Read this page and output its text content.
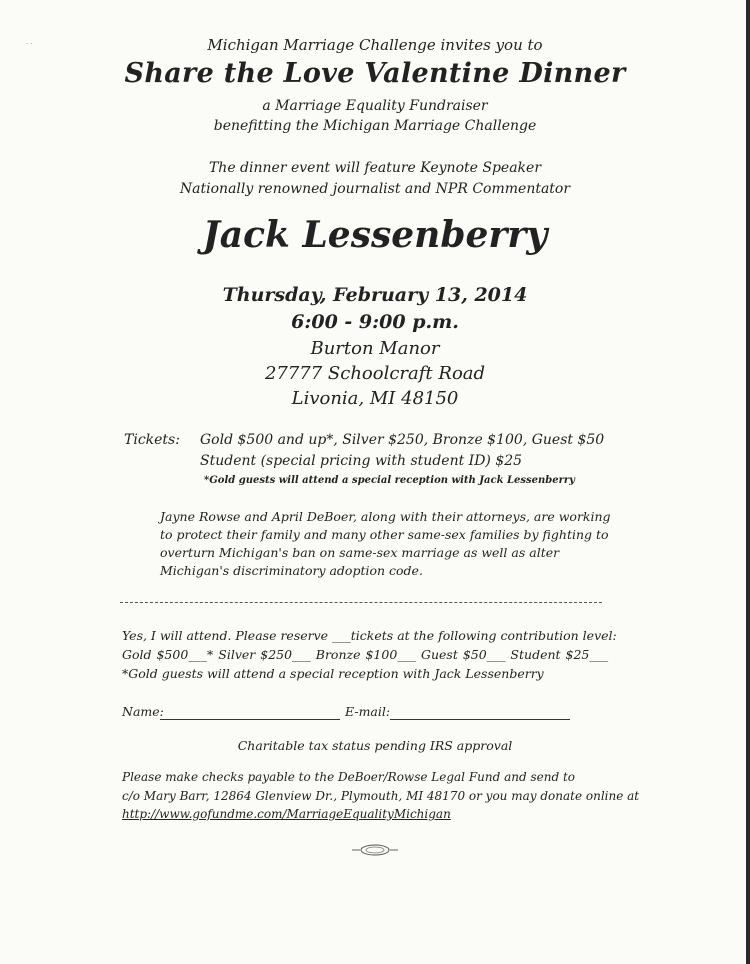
· ·	Michigan Marriage Challenge invites you to
Share the Love Valentine Dinner
a Marriage Equality Fundraiser
benefitting the Michigan Marriage Challenge
The dinner event will feature Keynote Speaker
Nationally renowned journalist and NPR Commentator
Jack Lessenberry
Thursday, February 13, 2014
6:00 - 9:00 p.m.
Burton Manor
27777 Schoolcraft Road
Livonia, MI 48150
Tickets: Gold $500 and up*, Silver $250, Bronze $100, Guest $50
Student (special pricing with student ID) $25
*Gold guests will attend a special reception with Jack Lessenberry
Jayne Rowse and April DeBoer, along with their attorneys, are working to protect their family and many other same-sex families by fighting to overturn Michigan's ban on same-sex marriage as well as alter Michigan's discriminatory adoption code.
Yes, I will attend. Please reserve ___tickets at the following contribution level:
Gold $500___* Silver $250___ Bronze $100___ Guest $50___ Student $25___
*Gold guests will attend a special reception with Jack Lessenberry
Name:	E-mail:
Charitable tax status pending IRS approval
Please make checks payable to the DeBoer/Rowse Legal Fund and send to
c/o Mary Barr, 12864 Glenview Dr., Plymouth, MI 48170 or you may donate online at
http://www.gofundme.com/MarriageEqualityMichigan
